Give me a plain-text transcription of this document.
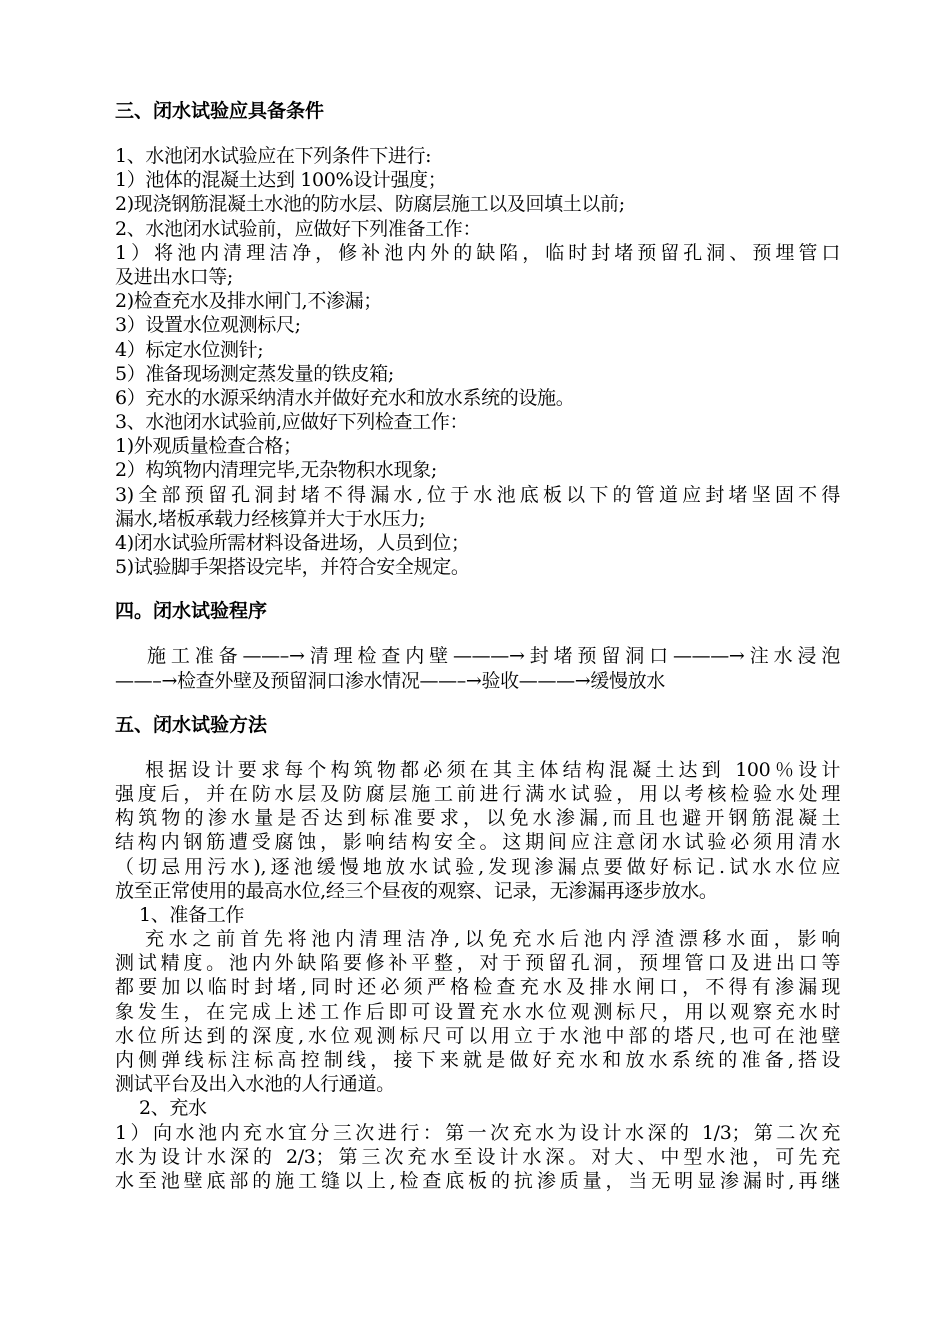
三、闭水试验应具备条件
1、水池闭水试验应在下列条件下进行:
1）池体的混凝土达到 100%设计强度；
2)现浇钢筋混凝土水池的防水层、防腐层施工以及回填土以前;
2、水池闭水试验前，应做好下列准备工作：
1）将池内清理洁净，修补池内外的缺陷，临时封堵预留孔洞、预埋管口
及进出水口等;
2)检查充水及排水闸门,不渗漏；
3）设置水位观测标尺;
4）标定水位测针;
5）准备现场测定蒸发量的铁皮箱;
6）充水的水源采纳清水并做好充水和放水系统的设施。
3、水池闭水试验前,应做好下列检查工作：
1)外观质量检查合格；
2）构筑物内清理完毕,无杂物积水现象;
3)全部预留孔洞封堵不得漏水,位于水池底板以下的管道应封堵坚固不得
漏水,堵板承载力经核算并大于水压力;
4)闭水试验所需材料设备进场，人员到位；
5)试验脚手架搭设完毕，并符合安全规定。
四。闭水试验程序
施工准备——–→清理检查内壁———→封堵预留洞口———→注水浸泡
——–→检查外壁及预留洞口渗水情况——–→验收———→缓慢放水
五、闭水试验方法
根据设计要求每个构筑物都必须在其主体结构混凝土达到 100％设计
强度后，并在防水层及防腐层施工前进行满水试验，用以考核检验水处理
构筑物的渗水量是否达到标准要求，以免水渗漏,而且也避开钢筋混凝土
结构内钢筋遭受腐蚀，影响结构安全。这期间应注意闭水试验必须用清水
（切忌用污水),逐池缓慢地放水试验,发现渗漏点要做好标记.试水水位应
放至正常使用的最高水位,经三个昼夜的观察、记录，无渗漏再逐步放水。
1、准备工作
充水之前首先将池内清理洁净,以免充水后池内浮渣漂移水面，影响
测试精度。池内外缺陷要修补平整，对于预留孔洞，预埋管口及进出口等
都要加以临时封堵,同时还必须严格检查充水及排水闸口，不得有渗漏现
象发生，在完成上述工作后即可设置充水水位观测标尺，用以观察充水时
水位所达到的深度,水位观测标尺可以用立于水池中部的塔尺,也可在池壁
内侧弹线标注标高控制线，接下来就是做好充水和放水系统的准备,搭设
测试平台及出入水池的人行通道。
2、充水
1）向水池内充水宜分三次进行：第一次充水为设计水深的 1/3；第二次充
水为设计水深的 2/3；第三次充水至设计水深。对大、中型水池，可先充
水至池壁底部的施工缝以上,检查底板的抗渗质量，当无明显渗漏时,再继
